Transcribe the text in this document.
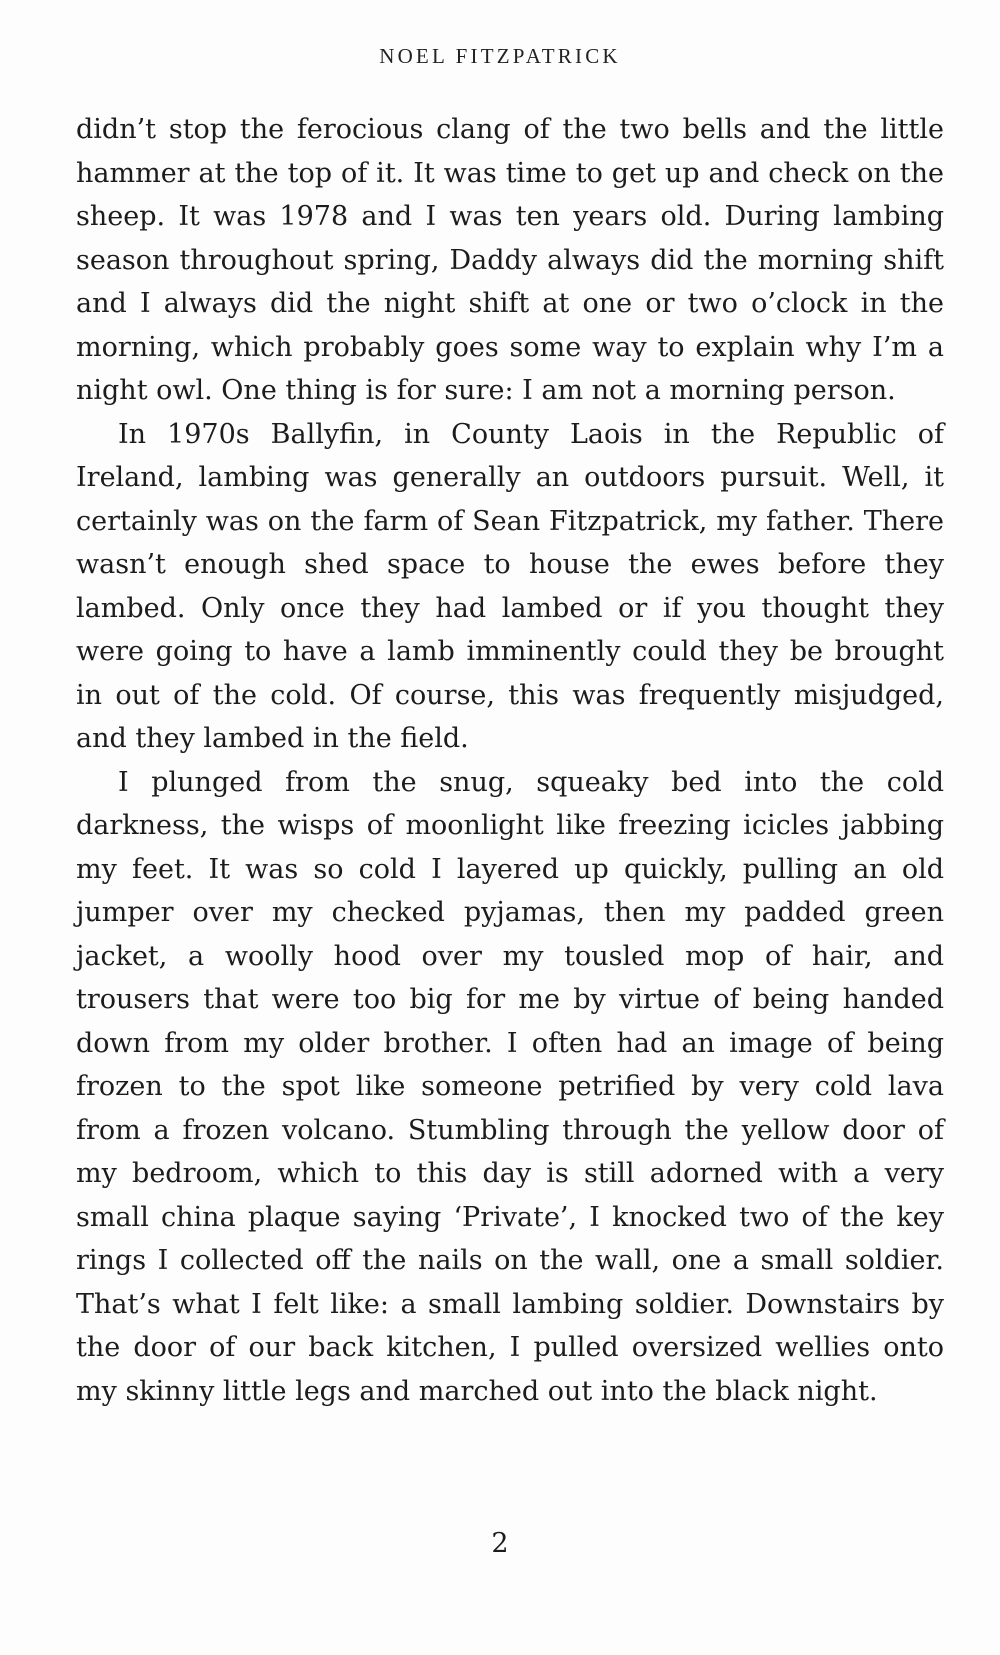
NOEL FITZPATRICK

didn’t stop the ferocious clang of the two bells and the little hammer at the top of it. It was time to get up and check on the sheep. It was 1978 and I was ten years old. During lambing season throughout spring, Daddy always did the morning shift and I always did the night shift at one or two o’clock in the morning, which probably goes some way to explain why I’m a night owl. One thing is for sure: I am not a morning person.

In 1970s Ballyfin, in County Laois in the Republic of Ireland, lambing was generally an outdoors pursuit. Well, it certainly was on the farm of Sean Fitzpatrick, my father. There wasn’t enough shed space to house the ewes before they lambed. Only once they had lambed or if you thought they were going to have a lamb imminently could they be brought in out of the cold. Of course, this was frequently misjudged, and they lambed in the field.

I plunged from the snug, squeaky bed into the cold darkness, the wisps of moonlight like freezing icicles jabbing my feet. It was so cold I layered up quickly, pulling an old jumper over my checked pyjamas, then my padded green jacket, a woolly hood over my tousled mop of hair, and trousers that were too big for me by virtue of being handed down from my older brother. I often had an image of being frozen to the spot like someone petrified by very cold lava from a frozen volcano. Stumbling through the yellow door of my bedroom, which to this day is still adorned with a very small china plaque saying ‘Private’, I knocked two of the key rings I collected off the nails on the wall, one a small soldier. That’s what I felt like: a small lambing soldier. Downstairs by the door of our back kitchen, I pulled oversized wellies onto my skinny little legs and marched out into the black night.

2
